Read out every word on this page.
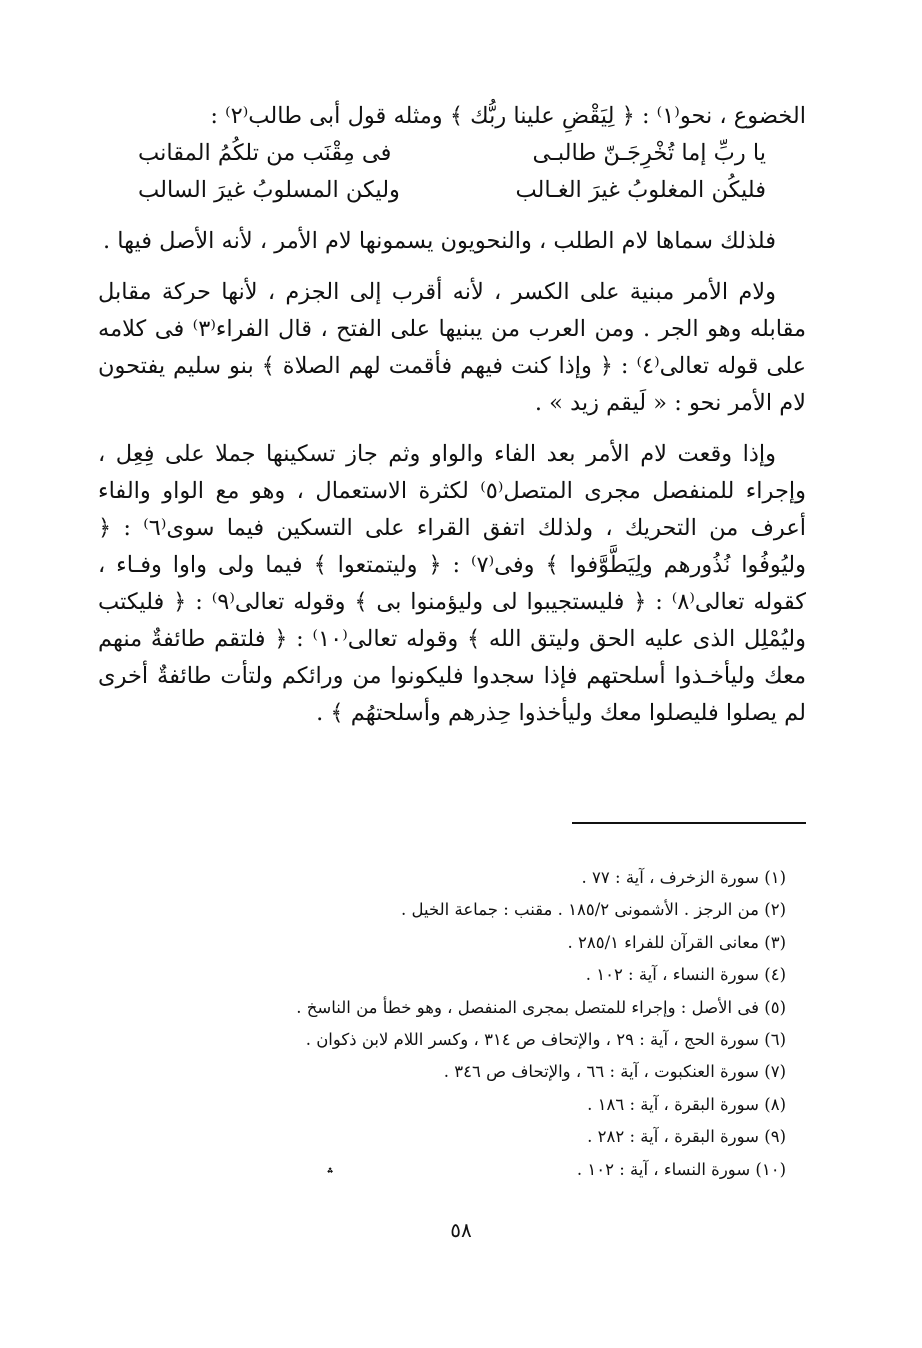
الخضوع ، نحو⁽١⁾ : ﴿ لِيَقْضِ علينا ربُّك ﴾ ومثله قول أبى طالب⁽٢⁾ :

يا ربِّ إما تُخْرِجَـنّ طالبـى
فى مِقْنَب من تلكُمُ المقانب
فليكُن المغلوبُ غيرَ الغـالب
وليكن المسلوبُ غيرَ السالب

فلذلك سماها لام الطلب ، والنحويون يسمونها لام الأمر ، لأنه الأصل فيها .

ولام الأمر مبنية على الكسر ، لأنه أقرب إلى الجزم ، لأنها حركة مقابل مقابله وهو الجر . ومن العرب من يبنيها على الفتح ، قال الفراء⁽٣⁾ فى كلامه على قوله تعالى⁽٤⁾ : ﴿ وإذا كنت فيهم فأقمت لهم الصلاة ﴾ بنو سليم يفتحون لام الأمر نحو : « لَيقم زيد » .

وإذا وقعت لام الأمر بعد الفاء والواو وثم جاز تسكينها جملا على فِعِل ، وإجراء للمنفصل مجرى المتصل⁽٥⁾ لكثرة الاستعمال ، وهو مع الواو والفاء أعرف من التحريك ، ولذلك اتفق القراء على التسكين فيما سوى⁽٦⁾ : ﴿ وليُوفُوا نُذُورهم ولِيَطَّوَّفوا ﴾ وفى⁽٧⁾ : ﴿ وليتمتعوا ﴾ فيما ولى واوا وفـاء ، كقوله تعالى⁽٨⁾ : ﴿ فليستجيبوا لى وليؤمنوا بى ﴾ وقوله تعالى⁽٩⁾ : ﴿ فليكتب وليُمْلِل الذى عليه الحق وليتق الله ﴾ وقوله تعالى⁽١٠⁾ : ﴿ فلتقم طائفةٌ منهم معك وليأخـذوا أسلحتهم فإذا سجدوا فليكونوا من ورائكم ولتأت طائفةٌ أخرى لم يصلوا فليصلوا معك وليأخذوا حِذرهم وأسلحتهُم ﴾ .

(١) سورة الزخرف ، آية : ٧٧ .
(٢) من الرجز . الأشمونى ١٨٥/٢ . مقنب : جماعة الخيل .
(٣) معانى القرآن للفراء ٢٨٥/١ .
(٤) سورة النساء ، آية : ١٠٢ .
(٥) فى الأصل : وإجراء للمتصل بمجرى المنفصل ، وهو خطأ من الناسخ .
(٦) سورة الحج ، آية : ٢٩ ، والإتحاف ص ٣١٤ ، وكسر اللام لابن ذكوان .
(٧) سورة العنكبوت ، آية : ٦٦ ، والإتحاف ص ٣٤٦ .
(٨) سورة البقرة ، آية : ١٨٦ .
(٩) سورة البقرة ، آية : ٢٨٢ .
(١٠) سورة النساء ، آية : ١٠٢ .
؞
٥٨
